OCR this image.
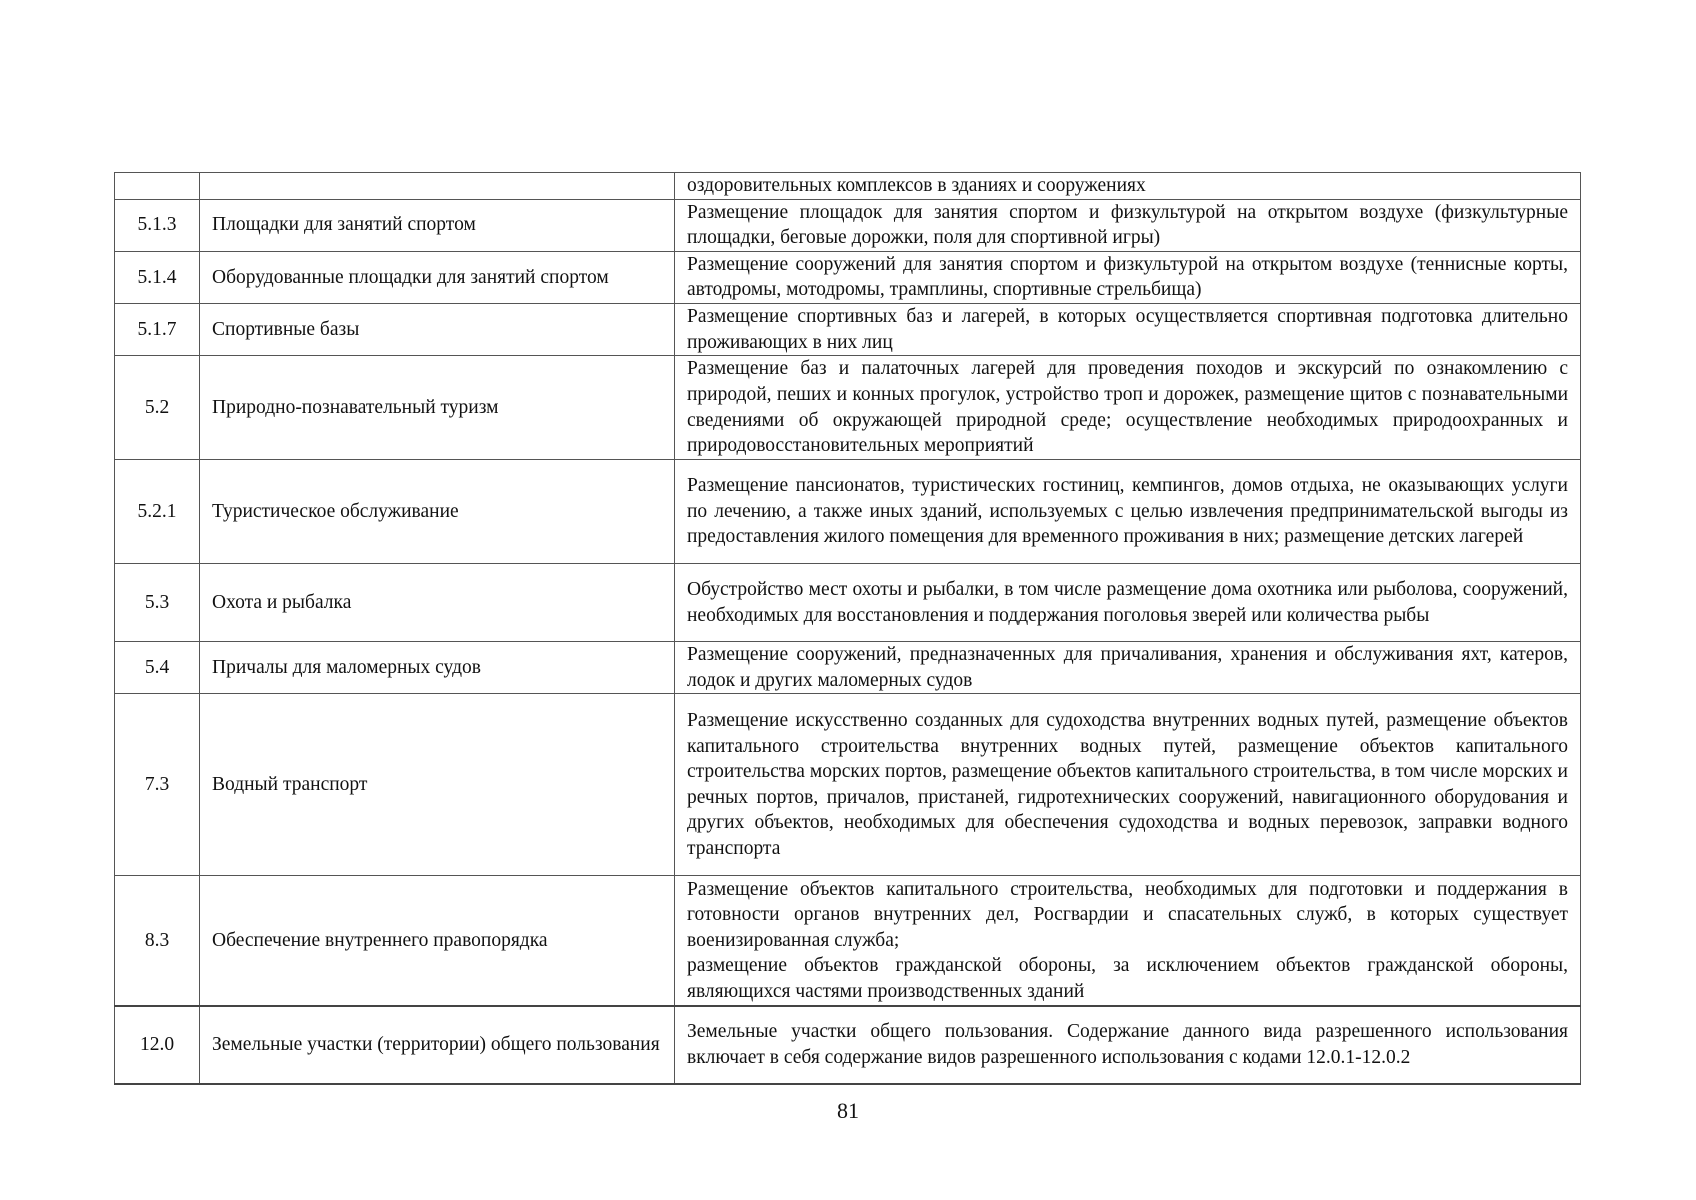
		оздоровительных комплексов в зданиях и сооружениях
5.1.3	Площадки для занятий спортом	Размещение площадок для занятия спортом и физкультурой на открытом воздухе (физкультурные площадки, беговые дорожки, поля для спортивной игры)
5.1.4	Оборудованные площадки для занятий спортом	Размещение сооружений для занятия спортом и физкультурой на открытом воздухе (теннисные корты, автодромы, мотодромы, трамплины, спортивные стрельбища)
5.1.7	Спортивные базы	Размещение спортивных баз и лагерей, в которых осуществляется спортивная подготовка длительно проживающих в них лиц
5.2	Природно-познавательный туризм	Размещение баз и палаточных лагерей для проведения походов и экскурсий по ознакомлению с природой, пеших и конных прогулок, устройство троп и дорожек, размещение щитов с познавательными сведениями об окружающей природной среде; осуществление необходимых природоохранных и природовосстановительных мероприятий
5.2.1	Туристическое обслуживание	Размещение пансионатов, туристических гостиниц, кемпингов, домов отдыха, не оказывающих услуги по лечению, а также иных зданий, используемых с целью извлечения предпринимательской выгоды из предоставления жилого помещения для временного проживания в них; размещение детских лагерей
5.3	Охота и рыбалка	Обустройство мест охоты и рыбалки, в том числе размещение дома охотника или рыболова, сооружений, необходимых для восстановления и поддержания поголовья зверей или количества рыбы
5.4	Причалы для маломерных судов	Размещение сооружений, предназначенных для причаливания, хранения и обслуживания яхт, катеров, лодок и других маломерных судов
7.3	Водный транспорт	Размещение искусственно созданных для судоходства внутренних водных путей, размещение объектов капитального строительства внутренних водных путей, размещение объектов капитального строительства морских портов, размещение объектов капитального строительства, в том числе морских и речных портов, причалов, пристаней, гидротехнических сооружений, навигационного оборудования и других объектов, необходимых для обеспечения судоходства и водных перевозок, заправки водного транспорта
8.3	Обеспечение внутреннего правопорядка	Размещение объектов капитального строительства, необходимых для подготовки и поддержания в готовности органов внутренних дел, Росгвардии и спасательных служб, в которых существует военизированная служба;
размещение объектов гражданской обороны, за исключением объектов гражданской обороны, являющихся частями производственных зданий

12.0	Земельные участки (территории) общего пользования	Земельные участки общего пользования. Содержание данного вида разрешенного использования включает в себя содержание видов разрешенного использования с кодами 12.0.1-12.0.2
81
